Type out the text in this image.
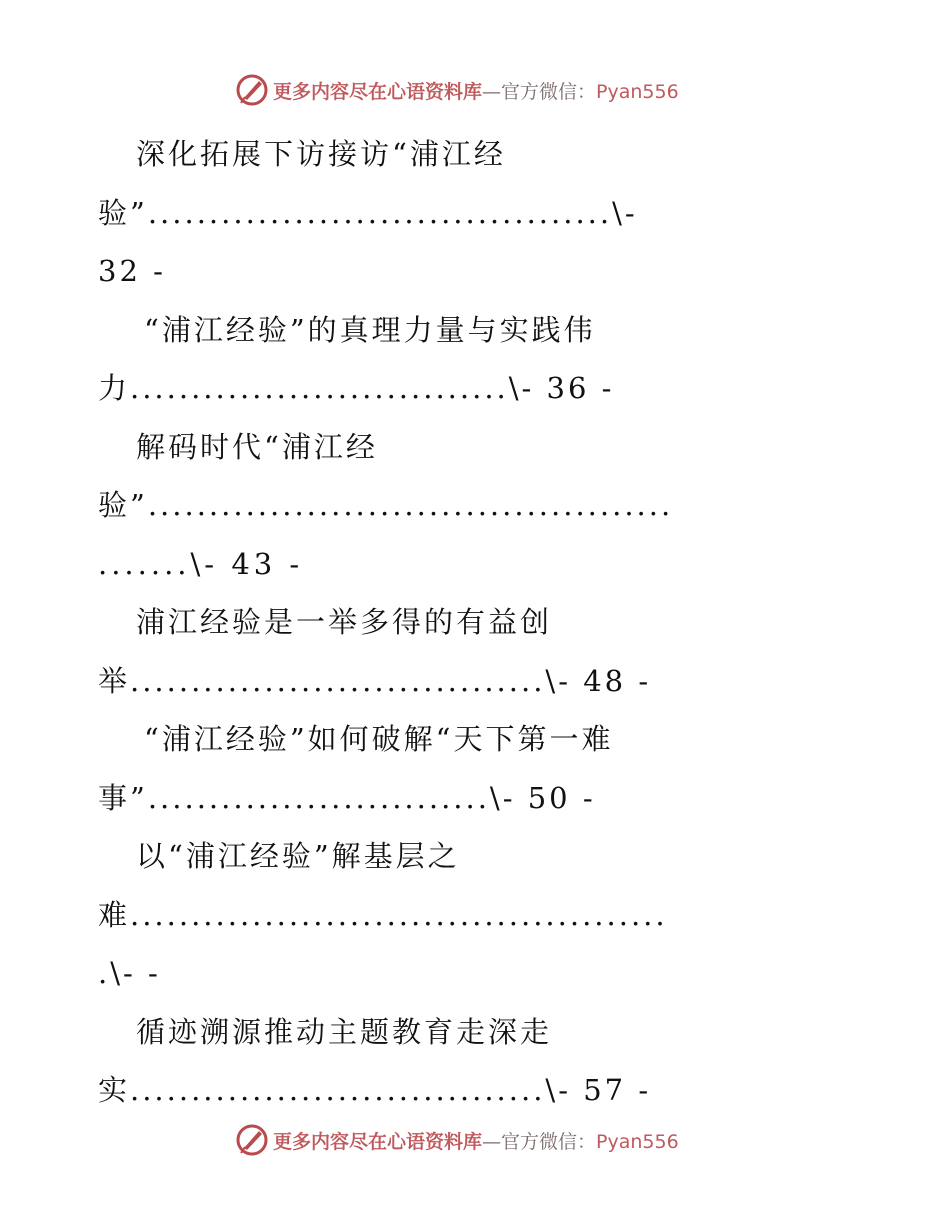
更多内容尽在心语资料库—官方微信：Pyan556
深化拓展下访接访“浦江经
验”......................................\-
32 -
“浦江经验”的真理力量与实践伟
力...............................\- 36 -
解码时代“浦江经
验”...........................................
.......\- 43 -
浦江经验是一举多得的有益创
举..................................\- 48 -
“浦江经验”如何破解“天下第一难
事”............................\- 50 -
以“浦江经验”解基层之
难............................................
.\- -
循迹溯源推动主题教育走深走
实..................................\- 57 -
更多内容尽在心语资料库—官方微信：Pyan556
